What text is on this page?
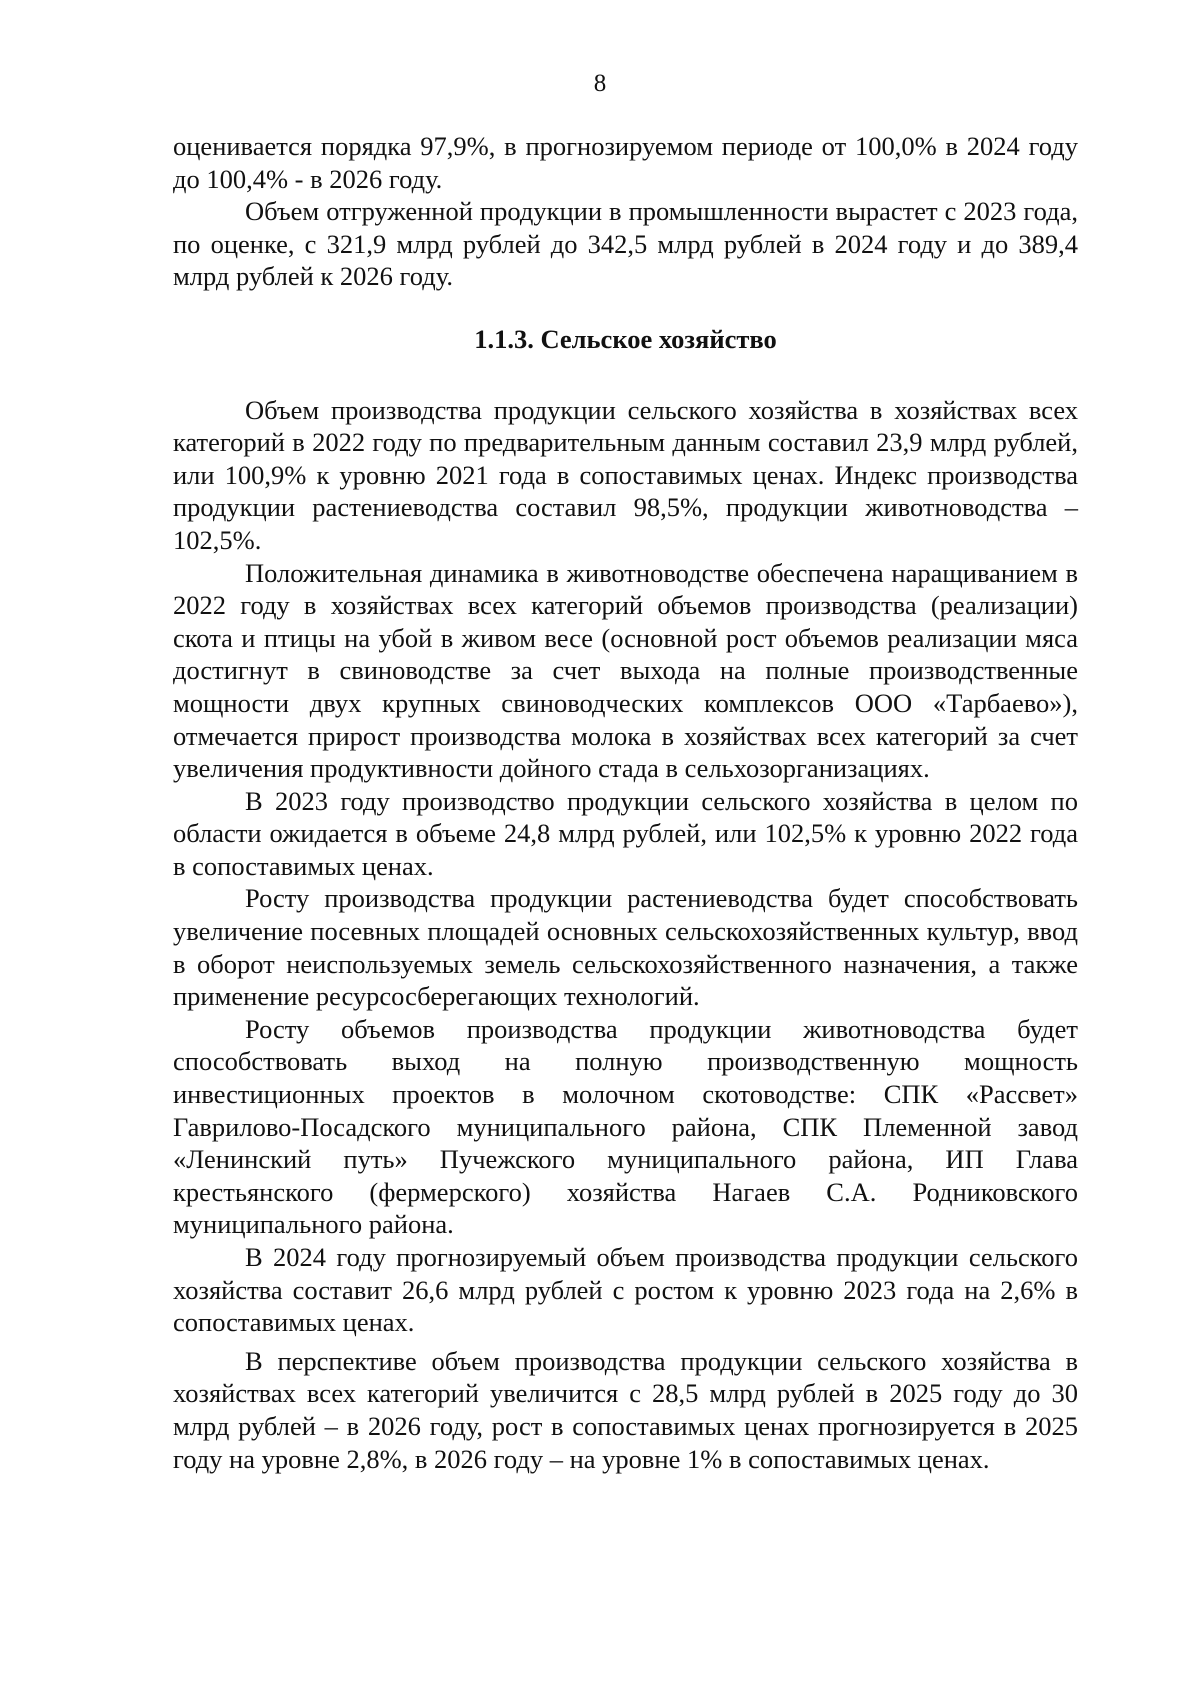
8

оценивается порядка 97,9%, в прогнозируемом периоде от 100,0% в 2024 году до 100,4% - в 2026 году.

Объем отгруженной продукции в промышленности вырастет с 2023 года, по оценке, с 321,9 млрд рублей до 342,5 млрд рублей в 2024 году и до 389,4 млрд рублей к 2026 году.

1.1.3. Сельское хозяйство

Объем производства продукции сельского хозяйства в хозяйствах всех категорий в 2022 году по предварительным данным составил 23,9 млрд рублей, или 100,9% к уровню 2021 года в сопоставимых ценах. Индекс производства продукции растениеводства составил 98,5%, продукции животноводства – 102,5%.

Положительная динамика в животноводстве обеспечена наращиванием в 2022 году в хозяйствах всех категорий объемов производства (реализации) скота и птицы на убой в живом весе (основной рост объемов реализации мяса достигнут в свиноводстве за счет выхода на полные производственные мощности двух крупных свиноводческих комплексов ООО «Тарбаево»), отмечается прирост производства молока в хозяйствах всех категорий за счет увеличения продуктивности дойного стада в сельхозорганизациях.

В 2023 году производство продукции сельского хозяйства в целом по области ожидается в объеме 24,8 млрд рублей, или 102,5% к уровню 2022 года в сопоставимых ценах.

Росту производства продукции растениеводства будет способствовать увеличение посевных площадей основных сельскохозяйственных культур, ввод в оборот неиспользуемых земель сельскохозяйственного назначения, а также применение ресурсосберегающих технологий.

Росту объемов производства продукции животноводства будет способствовать выход на полную производственную мощность инвестиционных проектов в молочном скотоводстве: СПК «Рассвет» Гаврилово-Посадского муниципального района, СПК Племенной завод «Ленинский путь» Пучежского муниципального района, ИП Глава крестьянского (фермерского) хозяйства Нагаев С.А. Родниковского муниципального района.

В 2024 году прогнозируемый объем производства продукции сельского хозяйства составит 26,6 млрд рублей с ростом к уровню 2023 года на 2,6% в сопоставимых ценах.

В перспективе объем производства продукции сельского хозяйства в хозяйствах всех категорий увеличится с 28,5 млрд рублей в 2025 году до 30 млрд рублей – в 2026 году, рост в сопоставимых ценах прогнозируется в 2025 году на уровне 2,8%, в 2026 году – на уровне 1% в сопоставимых ценах.
